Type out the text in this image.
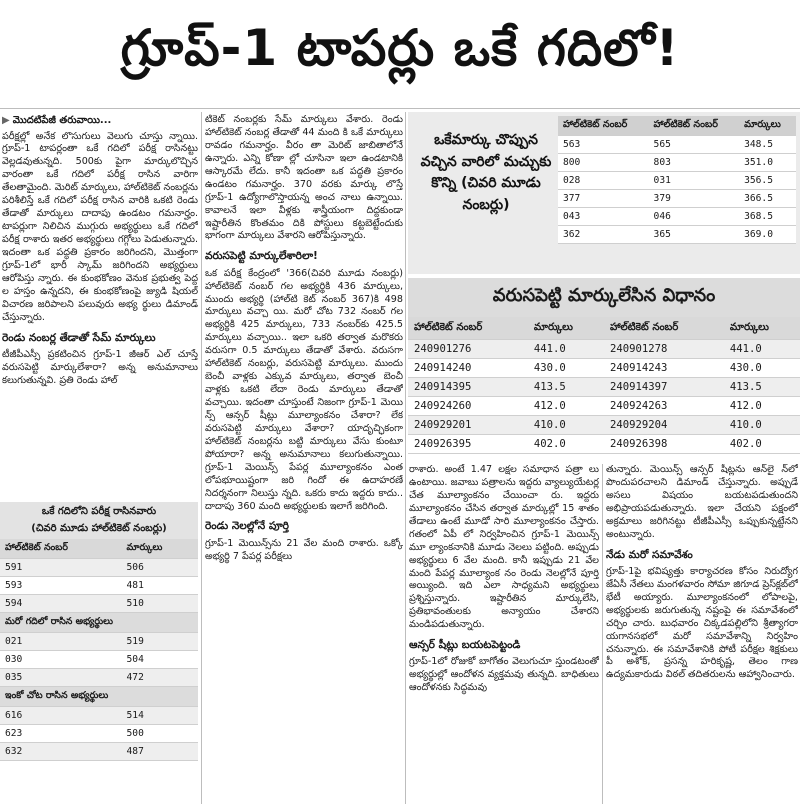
గ్రూప్-1 టాపర్లు ఒకే గదిలో!
▶ మొదటిపేజీ తరువాయి...

పరీక్షల్లో అనేక లొసుగులు వెలుగు చూస్తు న్నాయి. గ్రూప్-1 టాపర్లంతా ఒకే గదిలో పరీక్ష రాసినట్టు వెల్లడవుతున్నది. 500కు పైగా మార్కులొచ్చిన వారంతా ఒకే గదిలో పరీక్ష రాసిన వారిగా తేలతామైంది. మెరిట్ మార్కులు, హాల్‌టికెట్ నంబర్లను పరిశీలిస్తే ఒకే గదిలో పరీక్ష రాసిన వారికి ఒకటి రెండు తేడాతో మార్కులు దాదాపు ఉండటం గమనార్హం. టాపర్లుగా నిలిచిన ముగ్గురు అభ్యర్థులు ఒకే గదిలో పరీక్ష రాశారు ఇతర అభ్యర్థులు గగ్గోలు పెడుతున్నారు. ఇదంతా ఒక పద్ధతి ప్రకారం జరిగిందని, మొత్తంగా గ్రూప్-1లో భారీ స్కామ్ జరిగిందని అభ్యర్థులు ఆరోపిస్తు న్నారు. ఈ కుంభకోణం వెనుక ప్రభుత్వ పెద్ద ల హస్తం ఉన్నదని, ఈ కుంభకోణంపై జ్యుడి షియల్ విచారణ జరిపాలని పలువురు అభ్య ర్థులు డిమాండ్ చేస్తున్నారు.

రెండు నంబర్ల తేడాతో సేమ్ మార్కులు

టీజీపీఎస్సీ ప్రకటించిన గ్రూప్-1 జీఆర్ ఎల్ చూస్తే వరుసపెట్టి మార్కులేశారా? అన్న అనుమానాలు కలుగుతున్నవి. ప్రతి రెండు హాల్

ఒకే గదిలోని పరీక్ష రాసినవారు
(చివరి మూడు హాల్‌టికెట్ నంబర్లు)
హాల్‌టికెట్ నంబర్	మార్కులు
591	506
593	481
594	510
మరో గదిలో రాసిన అభ్యర్థులు	
021	519
030	504
035	472
ఇంకో చోట రాసిన అభ్యర్థులు	
616	514
623	500
632	487

టికెట్ నంబర్లకు సేమ్ మార్కులు వేశారు. రెండు హాల్‌టికెట్ నంబర్ల తేడాతో 44 మంది కి ఒకే మార్కులు రావడం గమనార్హం. వీరం తా మెరిట్ జాబితాలోనే ఉన్నారు. ఎన్ని కోణా ల్లో చూసినా ఇలా ఉండటానికి ఆస్కారమే లేదు. కానీ ఇదంతా ఒక పద్ధతి ప్రకారం ఉండటం గమనార్హం. 370 వరకు మార్కు లొస్తే గ్రూప్-1 ఉద్యోగాలొస్తాయన్న అంచ నాలు ఉన్నాయి. కావాలనే ఇలా వీళ్లకు శాస్త్రీయంగా దిద్దకుండా ఇష్టారీతిన కొంతమం దికి పోస్టులు కట్టబెట్టేందుకు భాగంగా మార్కులు వేశారని ఆరోపిస్తున్నారు.

వరుసపెట్టి మార్కులేశారిలా!

ఒక పరీక్ష కేంద్రంలో '366(చివరి మూడు నంబర్లు) హాల్‌టికెట్ నంబర్ గల అభ్యర్థికి 436 మార్కులు, ముందు అభ్యర్థి (హాల్‌టి కెట్ నంబర్ 367)కి 498 మార్కులు వచ్చా యి. మరో చోట 732 నంబర్ గల అభ్యర్థికి 425 మార్కులు, 733 నంబర్‌కు 425.5 మార్కులు వచ్చాయి.. ఇలా ఒకరి తర్వాత మరొకరు వరుసగా 0.5 మార్కులు తేడాతో వేశారు. వరుసగా హాల్‌టికెట్ నంబర్లు, వరుసపెట్టి మార్కులు. ముందు బెంచీ వాళ్లకు ఎక్కువ మార్కులు, తర్వాత బెంచీ వాళ్లకు ఒకటి లేదా రెండు మార్కులు తేడాతో వచ్చాయి. ఇదంతా చూస్తుంటే నిజంగా గ్రూప్-1 మెయి న్స్ ఆన్సర్ షీట్లు మూల్యాంకనం చేశారా? లేక వరుసపెట్టి మార్కులు వేశారా? యాదృచ్ఛికంగా హాల్‌టికెట్ నంబర్లను బట్టి మార్కులు వేసు కుంటూ పోయారా? అన్న అనుమానాలు కలుగుతున్నాయి. గ్రూప్-1 మెయిన్స్ పేపర్ల మూల్యాంకనం ఎంత లోపభూయిష్టంగా జరి గిందో ఈ ఉదాహరణే నిదర్శనంగా నిలుస్తు న్నది. ఒకరు కాదు ఇద్దరు కాదు.. దాదాపు 360 మంది అభ్యర్థులకు ఇలాగే జరిగింది.

రెండు నెలల్లోనే పూర్తి

గ్రూప్-1 మెయిన్స్‌ను 21 వేల మంది రాశారు. ఒక్కో అభ్యర్థి 7 పేపర్ల పరీక్షలు

ఒకేమార్కు చొప్పున వచ్చిన వారిలో మచ్చుకు కొన్ని (చివరి మూడు నంబర్లు)
హాల్‌టికెట్ నంబర్	హాల్‌టికెట్ నంబర్	మార్కులు
563	565	348.5
800	803	351.0
028	031	356.5
377	379	366.5
043	046	368.5
362	365	369.0
వరుసపెట్టి మార్కులేసిన విధానం
హాల్‌టికెట్ నంబర్	మార్కులు	హాల్‌టికెట్ నంబర్	మార్కులు
240901276	441.0	240901278	441.0
240914240	430.0	240914243	430.0
240914395	413.5	240914397	413.5
240924260	412.0	240924263	412.0
240929201	410.0	240929204	410.0
240926395	402.0	240926398	402.0

రాశారు. అంటే 1.47 లక్షల సమాధాన పత్రా లు ఉంటాయి. జవాబు పత్రాలను ఇద్దరు వ్యాల్యుయేటర్ల చేత మూల్యాంకనం చేయించా రు. ఇద్దరు మూల్యాంకనం చేసిన తర్వాత మార్కుల్లో 15 శాతం తేడాలు ఉంటే మూడో సారి మూల్యాంకనం చేస్తారు. గతంలో ఏపీ లో నిర్వహించిన గ్రూప్-1 మెయిన్స్ మూ ల్యాంకనానికి మూడు నెలలు పట్టింది. అప్పుడు అభ్యర్థులు 6 వేల మంది. కానీ ఇప్పుడు 21 వేల మంది పేపర్ల మూల్యాంక నం రెండు నెలల్లోనే పూర్తి అయ్యింది. ఇది ఎలా సాధ్యమని అభ్యర్థులు ప్రశ్నిస్తున్నారు. ఇష్టారీతిన మార్కులేసి, ప్రతిభావంతులకు అన్యాయం చేశారని మండిపడుతున్నారు.

ఆన్సర్ షీట్లు బయటపెట్టండి

గ్రూప్-1లో రోజుకో బాగోతం వెలుగుచూ స్తుండటంతో అభ్యర్థుల్లో ఆందోళన వ్యక్తమవు తున్నది. బాధితులు ఆందోళనకు సిద్ధమవు

తున్నారు. మెయిన్స్ ఆన్సర్ షీట్లను ఆన్‌లై న్‌లో పొందుపరచాలని డిమాండ్ చేస్తున్నారు. అప్పుడే అసలు విషయం బయటపడుతుందని అభిప్రాయపడుతున్నారు. ఇలా చేయని పక్షంలో అక్రమాలు జరిగినట్టు టీజీపీఎస్సీ ఒప్పుకున్నట్టేనని అంటున్నారు.

నేడు మరో సమావేశం

గ్రూప్-1పై భవిష్యత్తు కార్యాచరణ కోసం నిరుద్యోగ జేఏసీ నేతలు మంగళవారం సోమా జిగూడ ప్రెస్‌క్లబ్‌లో భేటీ అయ్యారు. మూల్యాంకనంలో లోపాలపై, అభ్యర్థులకు జరుగుతున్న నష్టంపై ఈ సమావేశంలో చర్చిం చారు. బుధవారం చిక్కడపల్లిలోని శ్రీత్యాగరా యగానసభలో మరో సమావేశాన్ని నిర్వహిం చనున్నారు. ఈ సమావేశానికి పోటీ పరీక్షల శిక్షకులు పీ అశోక్, ప్రసన్న హరికృష్ణ, తెలం గాణ ఉద్యమకారుడు విఠల్ తదితరులను ఆహ్వానించారు.
